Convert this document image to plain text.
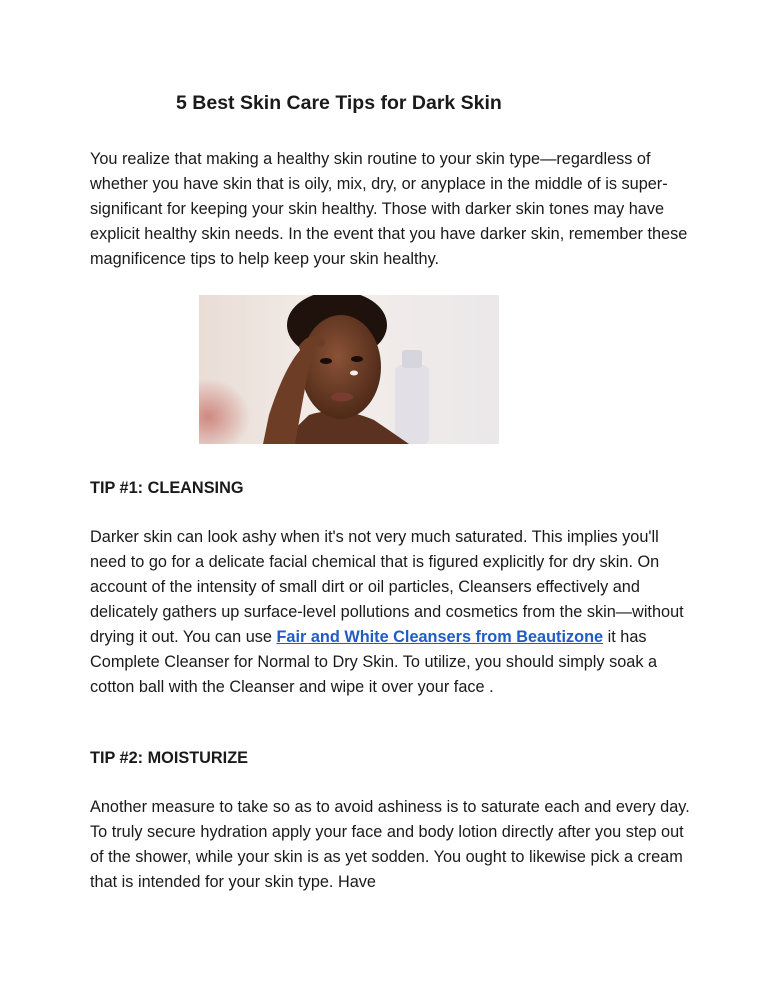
5 Best Skin Care Tips for Dark Skin

You realize that making a healthy skin routine to your skin type—regardless of whether you have skin that is oily, mix, dry, or anyplace in the middle of is super-significant for keeping your skin healthy. Those with darker skin tones may have explicit healthy skin needs. In the event that you have darker skin, remember these magnificence tips to help keep your skin healthy.

TIP #1: CLEANSING

Darker skin can look ashy when it's not very much saturated. This implies you'll need to go for a delicate facial chemical that is figured explicitly for dry skin. On account of the intensity of small dirt or oil particles, Cleansers effectively and delicately gathers up surface-level pollutions and cosmetics from the skin—without drying it out. You can use Fair and White Cleansers from Beautizone it has Complete Cleanser for Normal to Dry Skin. To utilize, you should simply soak a cotton ball with the Cleanser and wipe it over your face .

TIP #2: MOISTURIZE

Another measure to take so as to avoid ashiness is to saturate each and every day. To truly secure hydration apply your face and body lotion directly after you step out of the shower, while your skin is as yet sodden. You ought to likewise pick a cream that is intended for your skin type. Have
